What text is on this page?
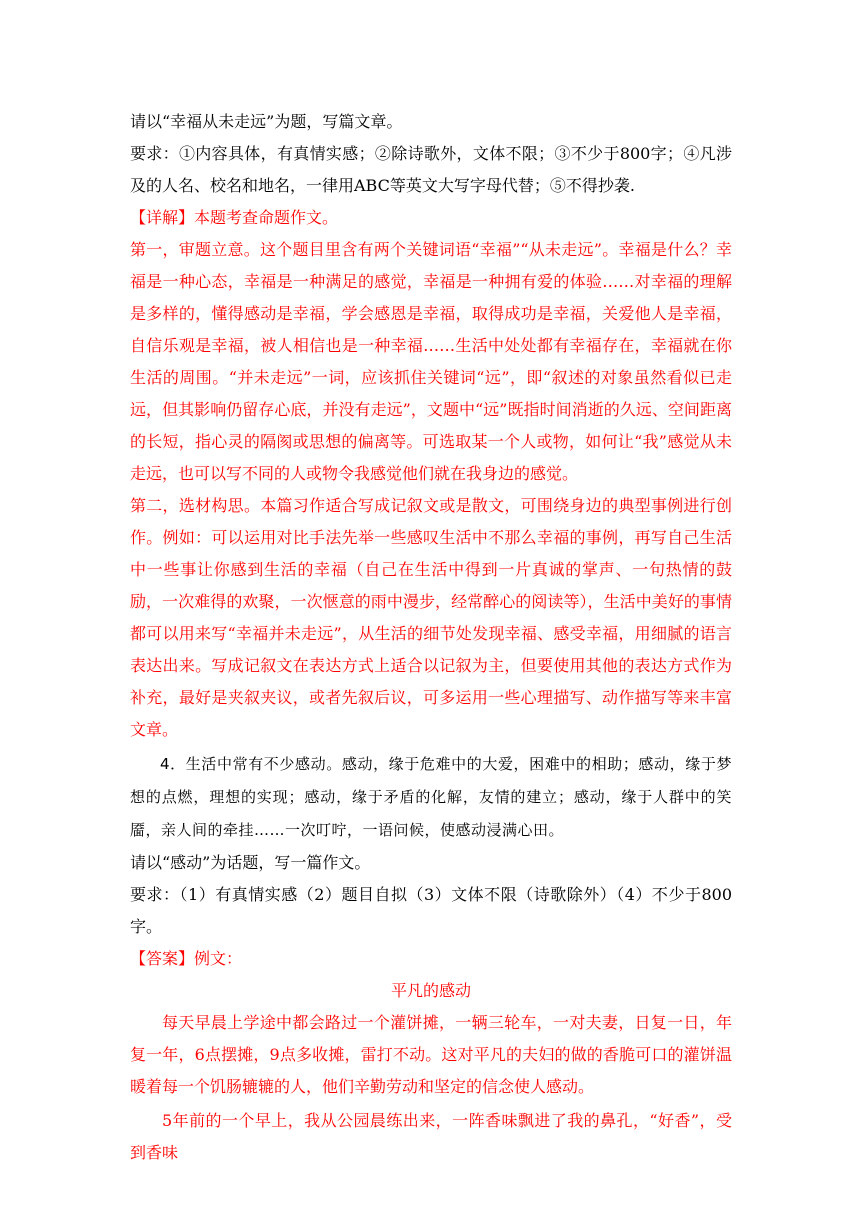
请以“幸福从未走远”为题，写篇文章。

要求：①内容具体，有真情实感；②除诗歌外，文体不限；③不少于800字；④凡涉及的人名、校名和地名，一律用ABC等英文大写字母代替；⑤不得抄袭.

【详解】本题考查命题作文。

第一，审题立意。这个题目里含有两个关键词语“幸福”“从未走远”。幸福是什么？幸福是一种心态，幸福是一种满足的感觉，幸福是一种拥有爱的体验……对幸福的理解是多样的，懂得感动是幸福，学会感恩是幸福，取得成功是幸福，关爱他人是幸福，自信乐观是幸福，被人相信也是一种幸福……生活中处处都有幸福存在，幸福就在你生活的周围。“并未走远”一词，应该抓住关键词“远”，即“叙述的对象虽然看似已走远，但其影响仍留存心底，并没有走远”，文题中“远”既指时间消逝的久远、空间距离的长短，指心灵的隔阂或思想的偏离等。可选取某一个人或物，如何让“我”感觉从未走远，也可以写不同的人或物令我感觉他们就在我身边的感觉。

第二，选材构思。本篇习作适合写成记叙文或是散文，可围绕身边的典型事例进行创作。例如：可以运用对比手法先举一些感叹生活中不那么幸福的事例，再写自己生活中一些事让你感到生活的幸福（自己在生活中得到一片真诚的掌声、一句热情的鼓励，一次难得的欢聚，一次惬意的雨中漫步，经常醉心的阅读等），生活中美好的事情都可以用来写“幸福并未走远”，从生活的细节处发现幸福、感受幸福，用细腻的语言表达出来。写成记叙文在表达方式上适合以记叙为主，但要使用其他的表达方式作为补充，最好是夹叙夹议，或者先叙后议，可多运用一些心理描写、动作描写等来丰富文章。

4．生活中常有不少感动。感动，缘于危难中的大爱，困难中的相助；感动，缘于梦想的点燃，理想的实现；感动，缘于矛盾的化解，友情的建立；感动，缘于人群中的笑靥，亲人间的牵挂……一次叮咛，一语问候，使感动浸满心田。

请以“感动”为话题，写一篇作文。

要求：（1）有真情实感（2）题目自拟（3）文体不限（诗歌除外）（4）不少于800字。

【答案】例文：

平凡的感动

每天早晨上学途中都会路过一个灌饼摊，一辆三轮车，一对夫妻，日复一日，年复一年，6点摆摊，9点多收摊，雷打不动。这对平凡的夫妇的做的香脆可口的灌饼温暖着每一个饥肠辘辘的人，他们辛勤劳动和坚定的信念使人感动。

5年前的一个早上，我从公园晨练出来，一阵香味飘进了我的鼻孔，“好香”，受到香味
